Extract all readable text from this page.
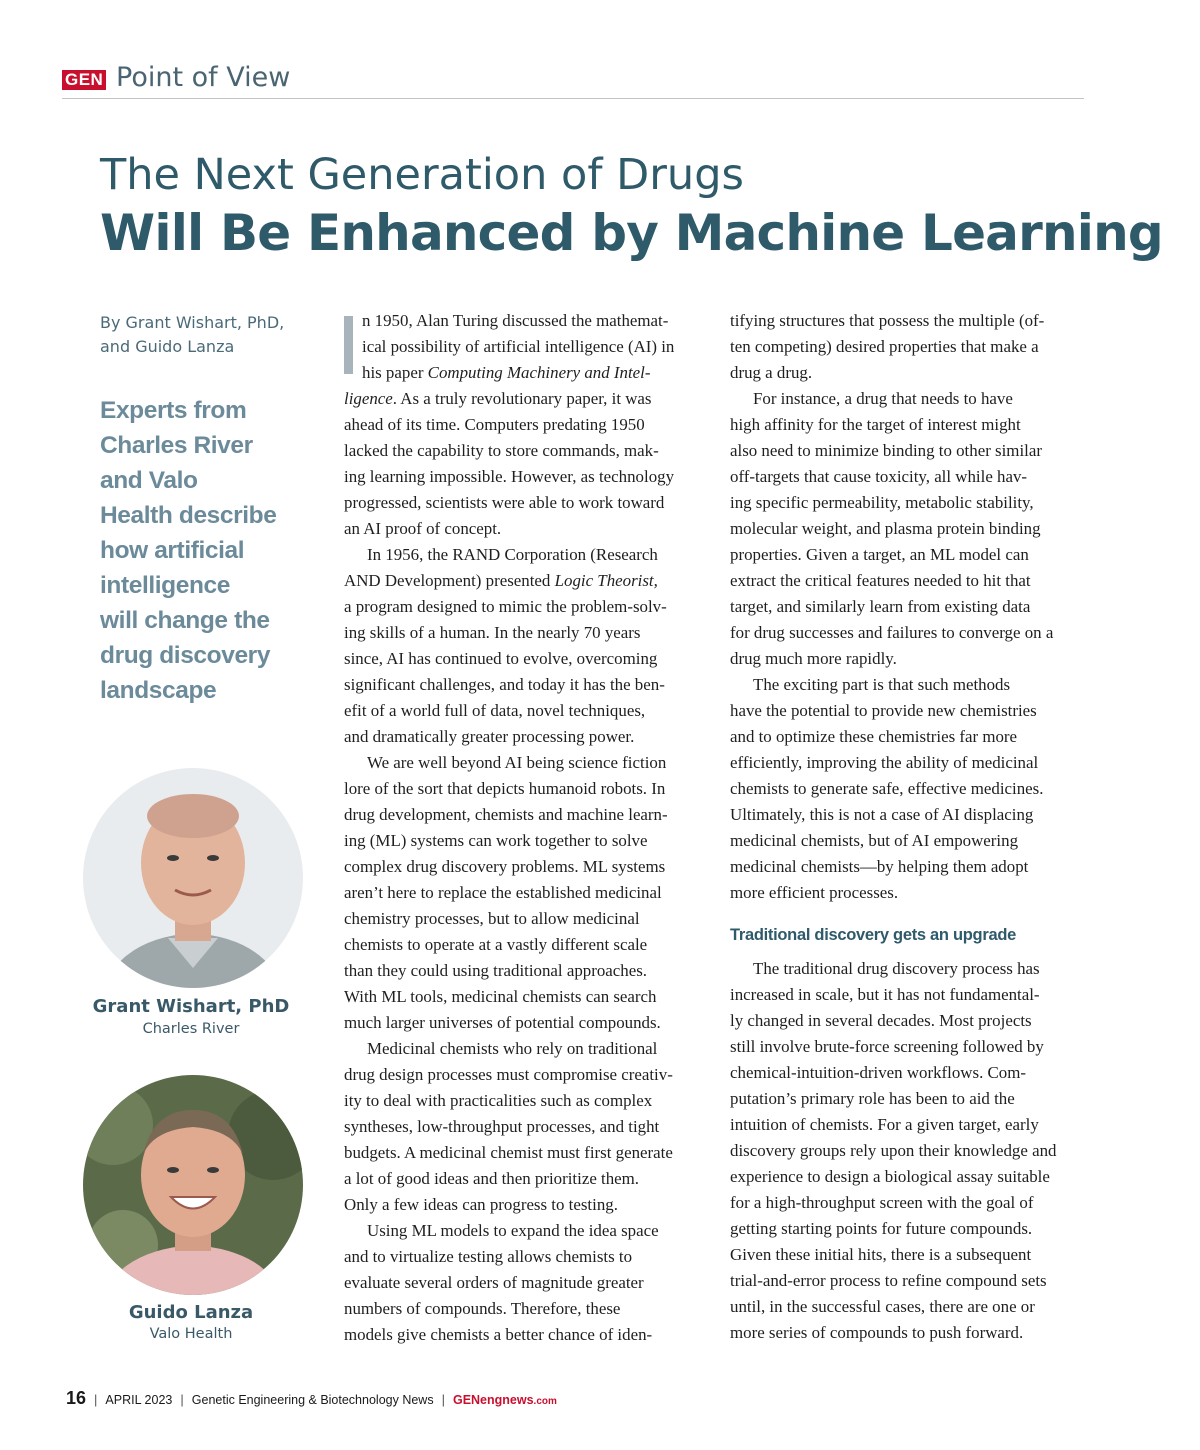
GEN Point of View
The Next Generation of Drugs
Will Be Enhanced by Machine Learning
By Grant Wishart, PhD,
and Guido Lanza
Experts from
Charles River
and Valo
Health describe
how artificial
intelligence
will change the
drug discovery
landscape
Grant Wishart, PhD
Charles River
Guido Lanza
Valo Health
n 1950, Alan Turing discussed the mathemat-
ical possibility of artificial intelligence (AI) in
his paper Computing Machinery and Intel-
ligence. As a truly revolutionary paper, it was
ahead of its time. Computers predating 1950
lacked the capability to store commands, mak-
ing learning impossible. However, as technology
progressed, scientists were able to work toward
an AI proof of concept.
In 1956, the RAND Corporation (Research
AND Development) presented Logic Theorist,
a program designed to mimic the problem-solv-
ing skills of a human. In the nearly 70 years
since, AI has continued to evolve, overcoming
significant challenges, and today it has the ben-
efit of a world full of data, novel techniques,
and dramatically greater processing power.
We are well beyond AI being science fiction
lore of the sort that depicts humanoid robots. In
drug development, chemists and machine learn-
ing (ML) systems can work together to solve
complex drug discovery problems. ML systems
aren’t here to replace the established medicinal
chemistry processes, but to allow medicinal
chemists to operate at a vastly different scale
than they could using traditional approaches.
With ML tools, medicinal chemists can search
much larger universes of potential compounds.
Medicinal chemists who rely on traditional
drug design processes must compromise creativ-
ity to deal with practicalities such as complex
syntheses, low-throughput processes, and tight
budgets. A medicinal chemist must first generate
a lot of good ideas and then prioritize them.
Only a few ideas can progress to testing.
Using ML models to expand the idea space
and to virtualize testing allows chemists to
evaluate several orders of magnitude greater
numbers of compounds. Therefore, these
models give chemists a better chance of iden-
tifying structures that possess the multiple (of-
ten competing) desired properties that make a
drug a drug.
For instance, a drug that needs to have
high affinity for the target of interest might
also need to minimize binding to other similar
off-targets that cause toxicity, all while hav-
ing specific permeability, metabolic stability,
molecular weight, and plasma protein binding
properties. Given a target, an ML model can
extract the critical features needed to hit that
target, and similarly learn from existing data
for drug successes and failures to converge on a
drug much more rapidly.
The exciting part is that such methods
have the potential to provide new chemistries
and to optimize these chemistries far more
efficiently, improving the ability of medicinal
chemists to generate safe, effective medicines.
Ultimately, this is not a case of AI displacing
medicinal chemists, but of AI empowering
medicinal chemists—by helping them adopt
more efficient processes.
Traditional discovery gets an upgrade
The traditional drug discovery process has
increased in scale, but it has not fundamental-
ly changed in several decades. Most projects
still involve brute-force screening followed by
chemical-intuition-driven workflows. Com-
putation’s primary role has been to aid the
intuition of chemists. For a given target, early
discovery groups rely upon their knowledge and
experience to design a biological assay suitable
for a high-throughput screen with the goal of
getting starting points for future compounds.
Given these initial hits, there is a subsequent
trial-and-error process to refine compound sets
until, in the successful cases, there are one or
more series of compounds to push forward.
16 | APRIL 2023 | Genetic Engineering & Biotechnology News | GENengnews.com
